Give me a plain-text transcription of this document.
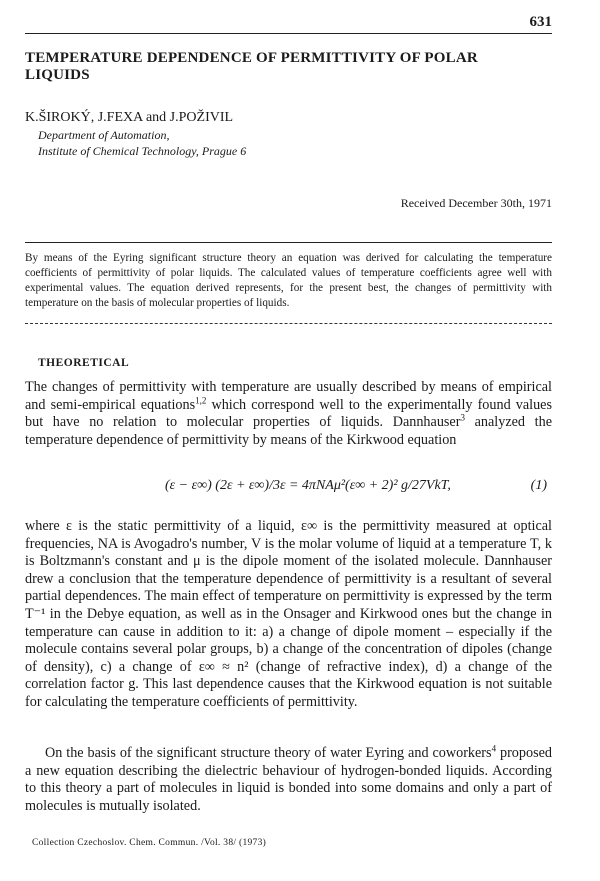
631
TEMPERATURE DEPENDENCE OF PERMITTIVITY OF POLAR LIQUIDS
K.ŠIROKÝ, J.FEXA and J.POŽIVIL
Department of Automation,
Institute of Chemical Technology, Prague 6
Received December 30th, 1971
By means of the Eyring significant structure theory an equation was derived for calculating the temperature coefficients of permittivity of polar liquids. The calculated values of temperature coefficients agree well with experimental values. The equation derived represents, for the present best, the changes of permittivity with temperature on the basis of molecular properties of liquids.
THEORETICAL
The changes of permittivity with temperature are usually described by means of empirical and semi-empirical equations$^{1,2}$ which correspond well to the experimentally found values but have no relation to molecular properties of liquids. Dannhauser$^3$ analyzed the temperature dependence of permittivity by means of the Kirkwood equation
(ε − ε∞) (2ε + ε∞)/3ε = 4πNAμ²(ε∞ + 2)² g/27VkT,	(1)
where ε is the static permittivity of a liquid, ε∞ is the permittivity measured at optical frequencies, NA is Avogadro's number, V is the molar volume of liquid at a temperature T, k is Boltzmann's constant and μ is the dipole moment of the isolated molecule. Dannhauser drew a conclusion that the temperature dependence of permittivity is a resultant of several partial dependences. The main effect of temperature on permittivity is expressed by the term T⁻¹ in the Debye equation, as well as in the Onsager and Kirkwood ones but the change in temperature can cause in addition to it: a) a change of dipole moment – especially if the molecule contains several polar groups, b) a change of the concentration of dipoles (change of density), c) a change of ε∞ ≈ n² (change of refractive index), d) a change of the correlation factor g. This last dependence causes that the Kirkwood equation is not suitable for calculating the temperature coefficients of permittivity.
On the basis of the significant structure theory of water Eyring and coworkers$^4$ proposed a new equation describing the dielectric behaviour of hydrogen-bonded liquids. According to this theory a part of molecules in liquid is bonded into some domains and only a part of molecules is mutually isolated.
Collection Czechoslov. Chem. Commun. /Vol. 38/ (1973)
